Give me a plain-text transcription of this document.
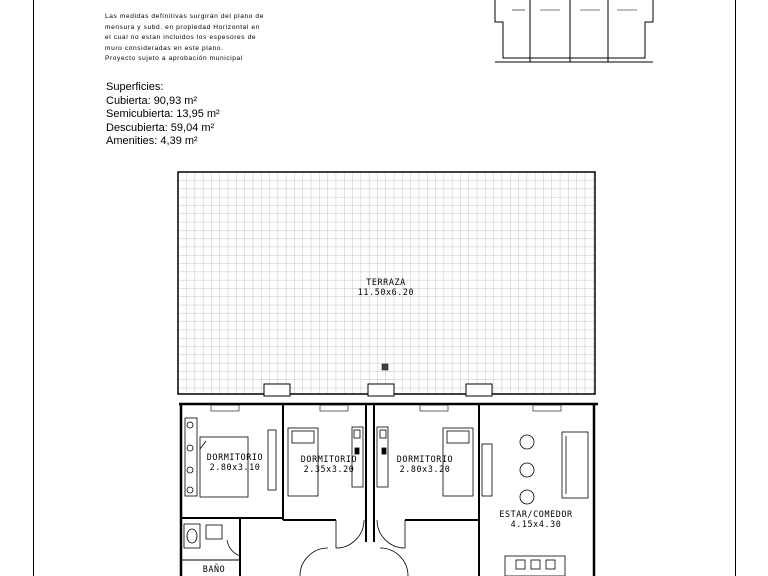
Las medidas definitivas surgirán del plano de
mensura y subd. en propiedad Horizontal en
el cual no estan incluidos los espesores de
muro consideradas en este plano.
Proyecto sujeto a aprobación municipal
Superficies:
Cubierta: 90,93 m²
Semicubierta: 13,95 m²
Descubierta: 59,04 m²
Amenities: 4,39 m²
TERRAZA
11.50x6.20
DORMITORIO
2.80x3.10
DORMITORIO
2.35x3.20
DORMITORIO
2.80x3.20
ESTAR/COMEDOR
4.15x4.30
BAÑO
